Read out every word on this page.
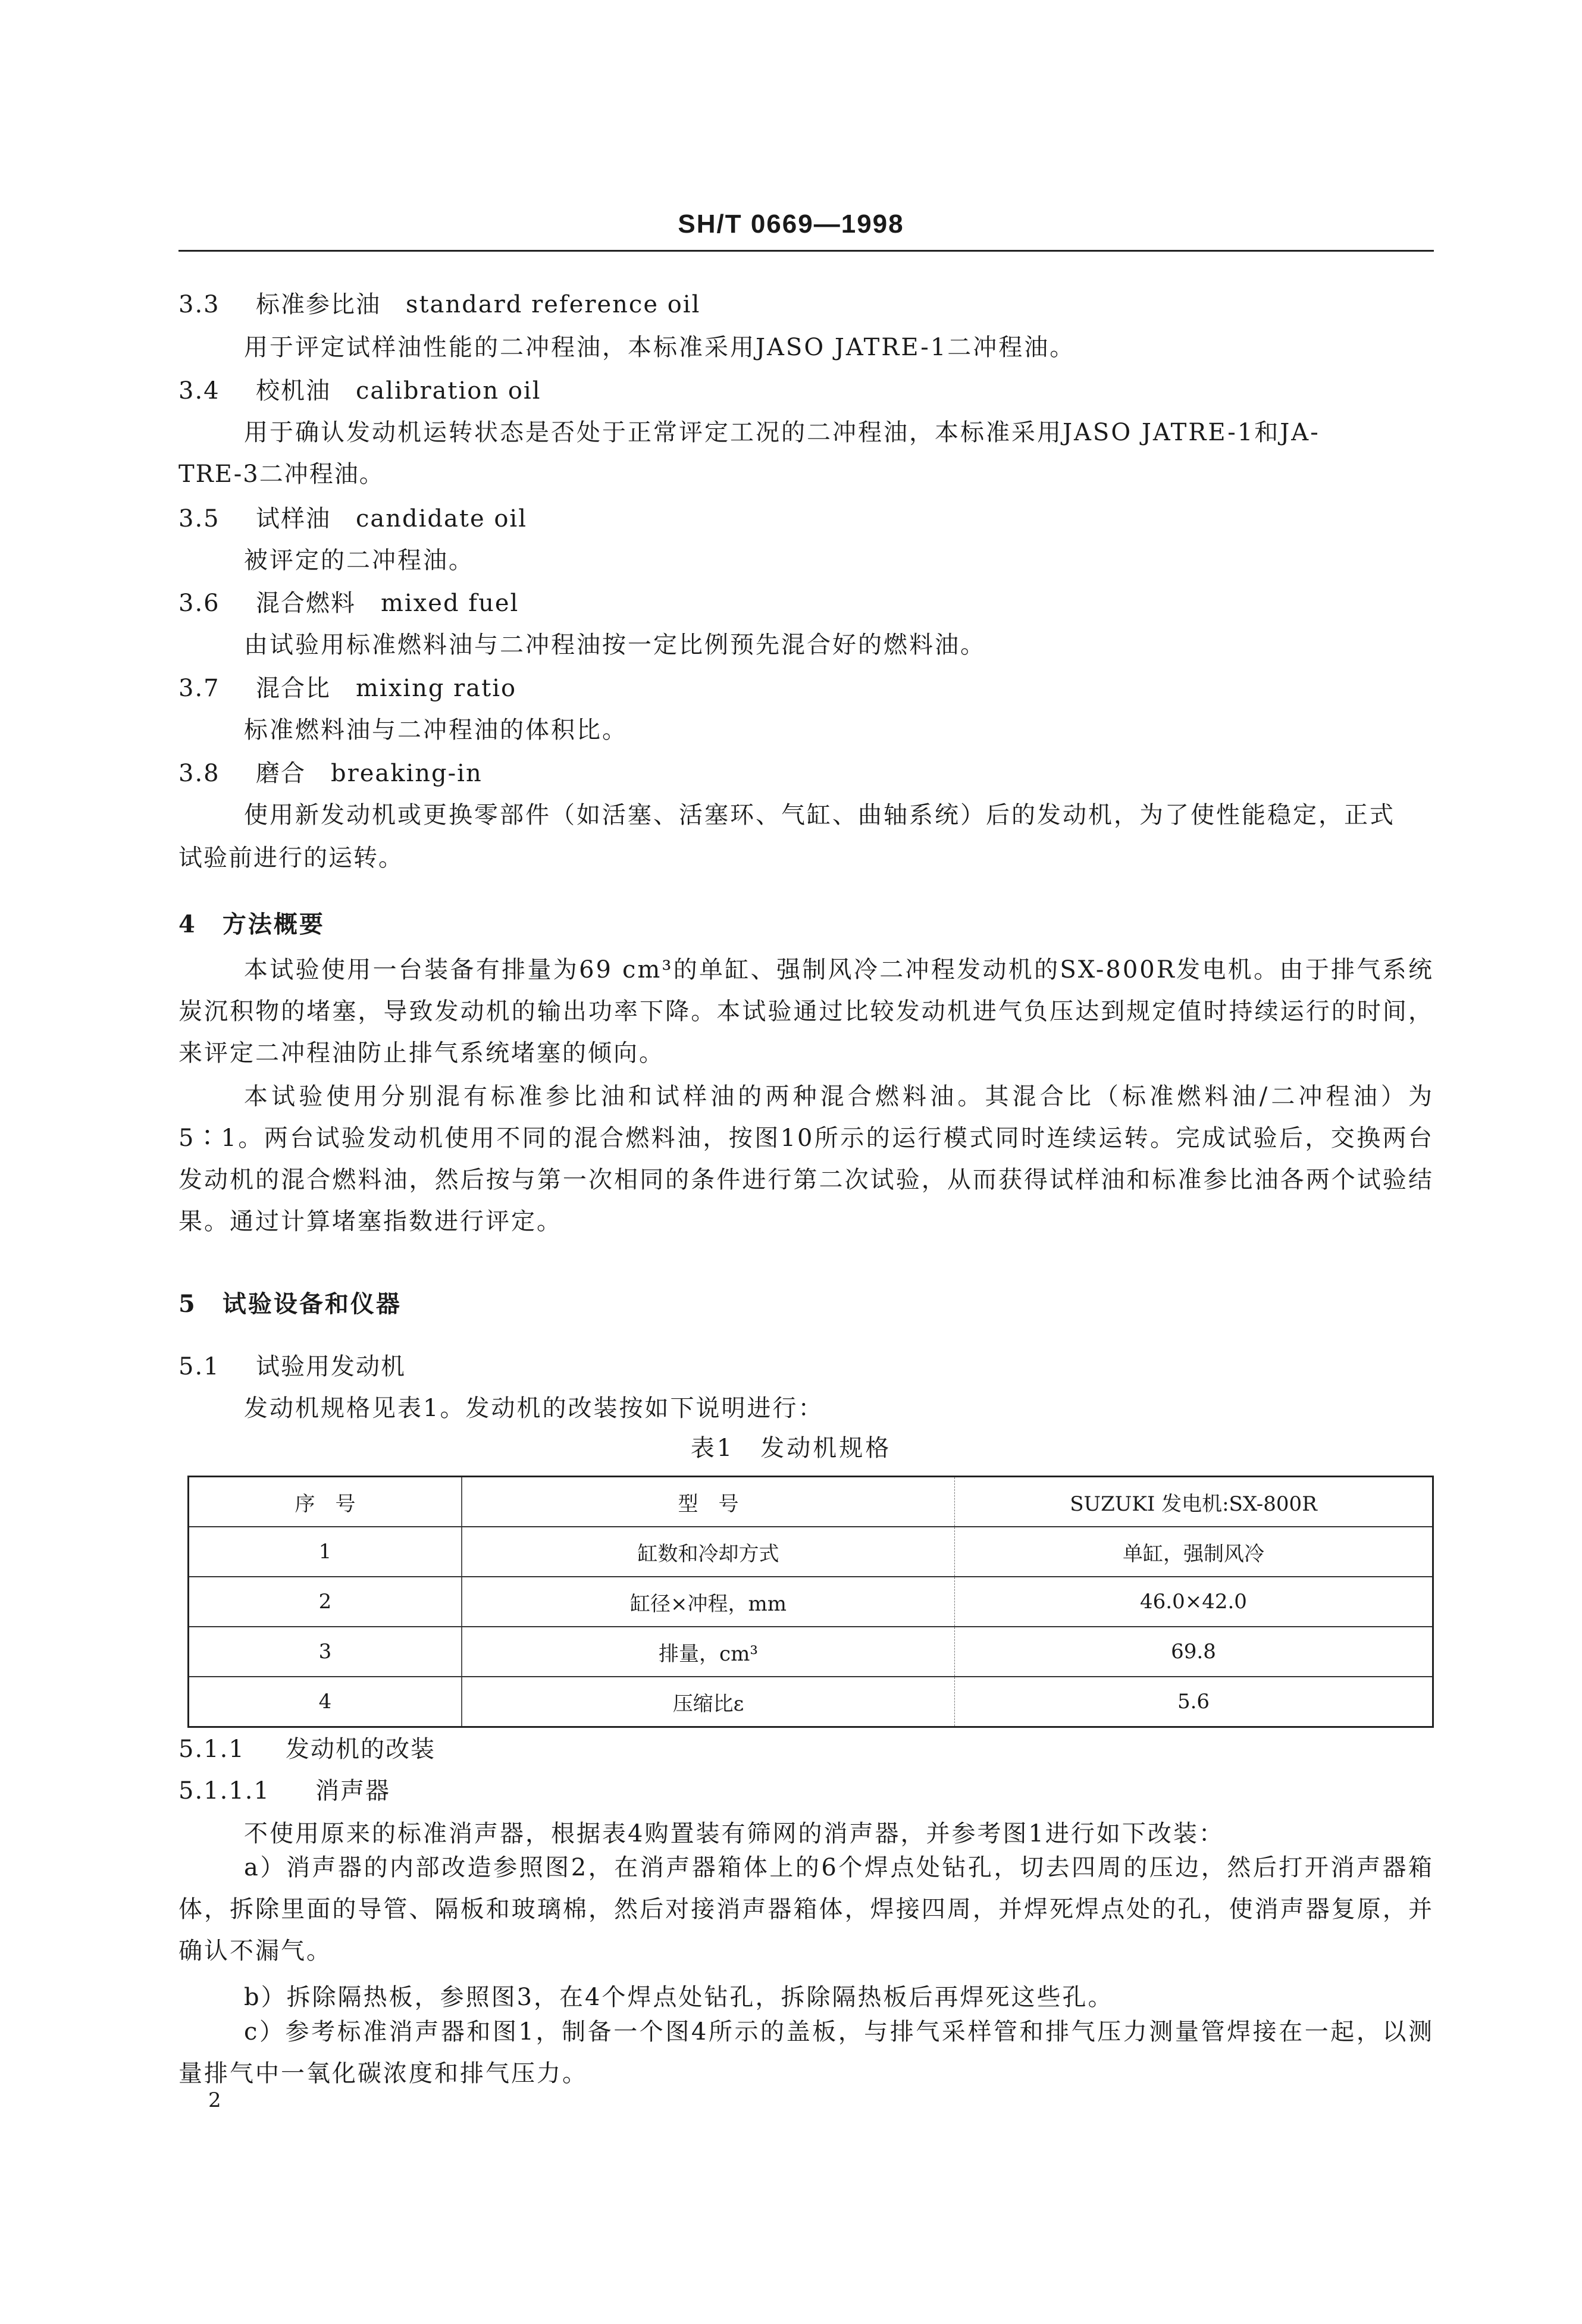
SH/T 0669—1998
3.3 标准参比油　 standard reference oil
用于评定试样油性能的二冲程油，本标准采用JASO JATRE-1二冲程油。
3.4 校机油　 calibration oil
用于确认发动机运转状态是否处于正常评定工况的二冲程油，本标准采用JASO JATRE-1和JA-
TRE-3二冲程油。
3.5 试样油　 candidate oil
被评定的二冲程油。
3.6 混合燃料　 mixed fuel
由试验用标准燃料油与二冲程油按一定比例预先混合好的燃料油。
3.7 混合比　 mixing ratio
标准燃料油与二冲程油的体积比。
3.8 磨合　 breaking-in
使用新发动机或更换零部件（如活塞、活塞环、气缸、曲轴系统）后的发动机，为了使性能稳定，正式
试验前进行的运转。
4　方法概要

本试验使用一台装备有排量为69 cm³的单缸、强制风冷二冲程发动机的SX-800R发电机。由于排气系统炭沉积物的堵塞，导致发动机的输出功率下降。本试验通过比较发动机进气负压达到规定值时持续运行的时间，来评定二冲程油防止排气系统堵塞的倾向。

本试验使用分别混有标准参比油和试样油的两种混合燃料油。其混合比（标准燃料油/二冲程油）为5∶1。两台试验发动机使用不同的混合燃料油，按图10所示的运行模式同时连续运转。完成试验后，交换两台发动机的混合燃料油，然后按与第一次相同的条件进行第二次试验，从而获得试样油和标准参比油各两个试验结果。通过计算堵塞指数进行评定。

5　试验设备和仪器
5.1 试验用发动机
发动机规格见表1。发动机的改装按如下说明进行：
表1　发动机规格
序　号	型　号	SUZUKI 发电机:SX-800R
1	缸数和冷却方式	单缸，强制风冷
2	缸径×冲程，mm	46.0×42.0
3	排量，cm³	69.8
4	压缩比ε	5.6
5.1.1 发动机的改装
5.1.1.1 消声器
不使用原来的标准消声器，根据表4购置装有筛网的消声器，并参考图1进行如下改装：

a）消声器的内部改造参照图2，在消声器箱体上的6个焊点处钻孔，切去四周的压边，然后打开消声器箱体，拆除里面的导管、隔板和玻璃棉，然后对接消声器箱体，焊接四周，并焊死焊点处的孔，使消声器复原，并确认不漏气。

b）拆除隔热板，参照图3，在4个焊点处钻孔，拆除隔热板后再焊死这些孔。

c）参考标准消声器和图1，制备一个图4所示的盖板，与排气采样管和排气压力测量管焊接在一起，以测量排气中一氧化碳浓度和排气压力。

2
